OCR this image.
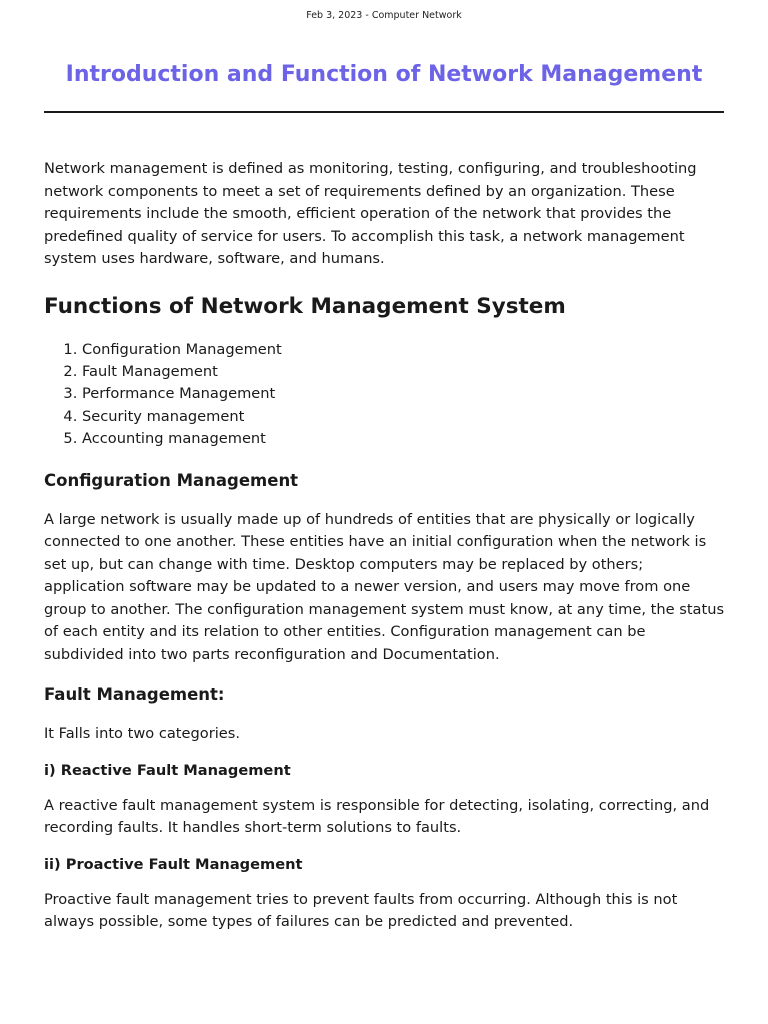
Feb 3, 2023 - Computer Network
Introduction and Function of Network Management

Network management is defined as monitoring, testing, configuring, and troubleshooting network components to meet a set of requirements defined by an organization. These requirements include the smooth, efficient operation of the network that provides the predefined quality of service for users. To accomplish this task, a network management system uses hardware, software, and humans.

Functions of Network Management System
1. Configuration Management
2. Fault Management
3. Performance Management
4. Security management
5. Accounting management
Configuration Management

A large network is usually made up of hundreds of entities that are physically or logically connected to one another. These entities have an initial configuration when the network is set up, but can change with time. Desktop computers may be replaced by others; application software may be updated to a newer version, and users may move from one group to another. The configuration management system must know, at any time, the status of each entity and its relation to other entities. Configuration management can be subdivided into two parts reconfiguration and Documentation.

Fault Management:

It Falls into two categories.

i) Reactive Fault Management

A reactive fault management system is responsible for detecting, isolating, correcting, and recording faults. It handles short-term solutions to faults.

ii) Proactive Fault Management

Proactive fault management tries to prevent faults from occurring. Although this is not always possible, some types of failures can be predicted and prevented.
